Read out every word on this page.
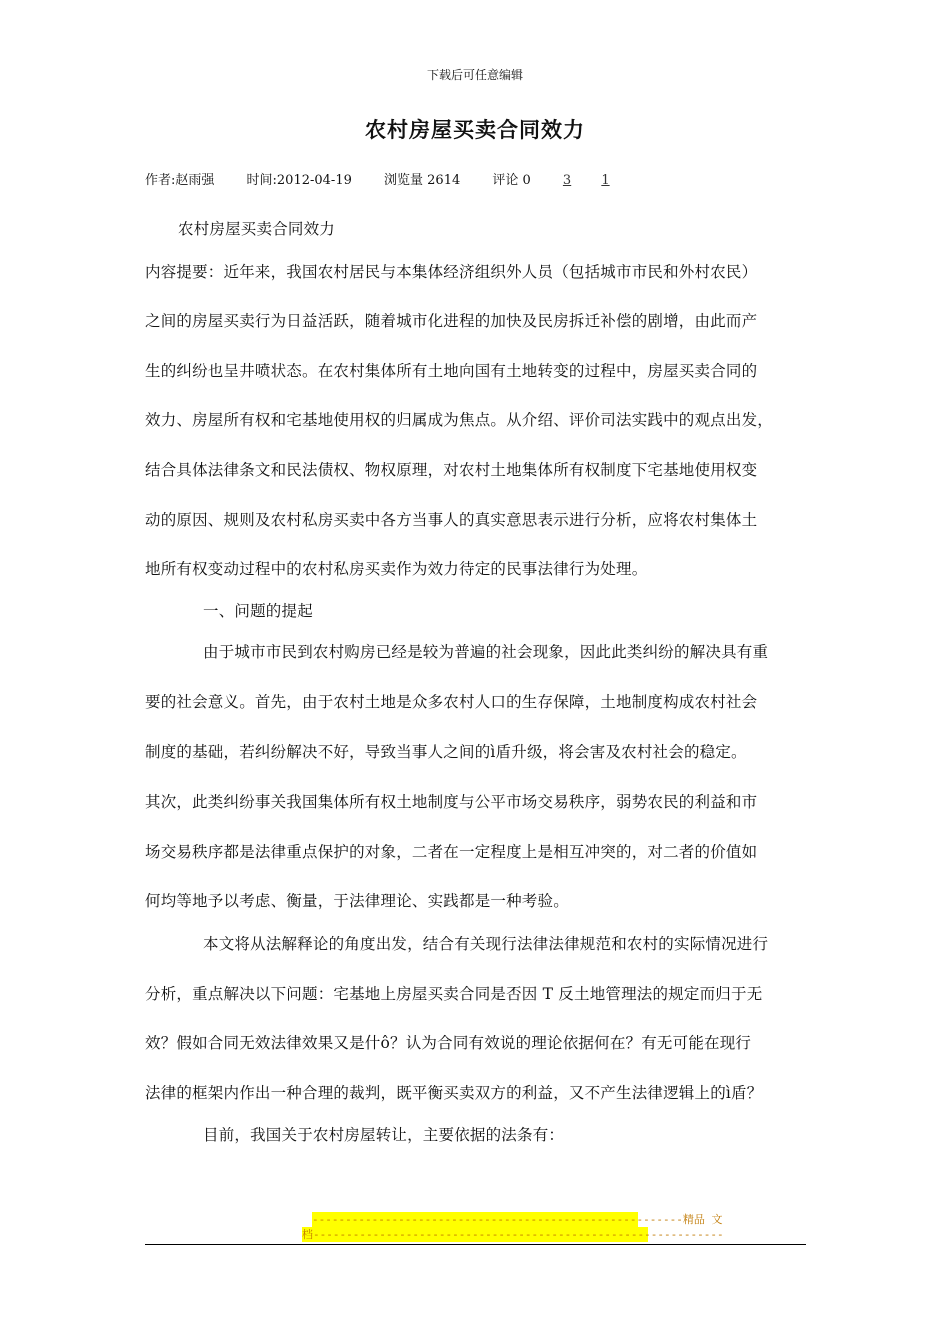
下载后可任意编辑
农村房屋买卖合同效力
作者:赵雨强 时间:2012-04-19 浏览量 2614 评论 0 3 1
农村房屋买卖合同效力
内容提要：近年来，我国农村居民与本集体经济组织外人员（包括城市市民和外村农民）
之间的房屋买卖行为日益活跃，随着城市化进程的加快及民房拆迁补偿的剧增，由此而产
生的纠纷也呈井喷状态。在农村集体所有土地向国有土地转变的过程中，房屋买卖合同的
效力、房屋所有权和宅基地使用权的归属成为焦点。从介绍、评价司法实践中的观点出发，
结合具体法律条文和民法债权、物权原理，对农村土地集体所有权制度下宅基地使用权变
动的原因、规则及农村私房买卖中各方当事人的真实意思表示进行分析，应将农村集体土
地所有权变动过程中的农村私房买卖作为效力待定的民事法律行为处理。
一、问题的提起
由于城市市民到农村购房已经是较为普遍的社会现象，因此此类纠纷的解决具有重
要的社会意义。首先，由于农村土地是众多农村人口的生存保障，土地制度构成农村社会
制度的基础，若纠纷解决不好，导致当事人之间的ì盾升级，将会害及农村社会的稳定。
其次，此类纠纷事关我国集体所有权土地制度与公平市场交易秩序，弱势农民的利益和市
场交易秩序都是法律重点保护的对象，二者在一定程度上是相互冲突的，对二者的价值如
何均等地予以考虑、衡量，于法律理论、实践都是一种考验。
本文将从法解释论的角度出发，结合有关现行法律法律规范和农村的实际情况进行
分析，重点解决以下问题：宅基地上房屋买卖合同是否因 T 反土地管理法的规定而归于无
效？假如合同无效法律效果又是什ô？认为合同有效说的理论依据何在？有无可能在现行
法律的框架内作出一种合理的裁判，既平衡买卖双方的利益，又不产生法律逻辑上的ì盾？
目前，我国关于农村房屋转让，主要依据的法条有：
--------------------------------------------------------精品 文
档--------------------------------------------------------------
